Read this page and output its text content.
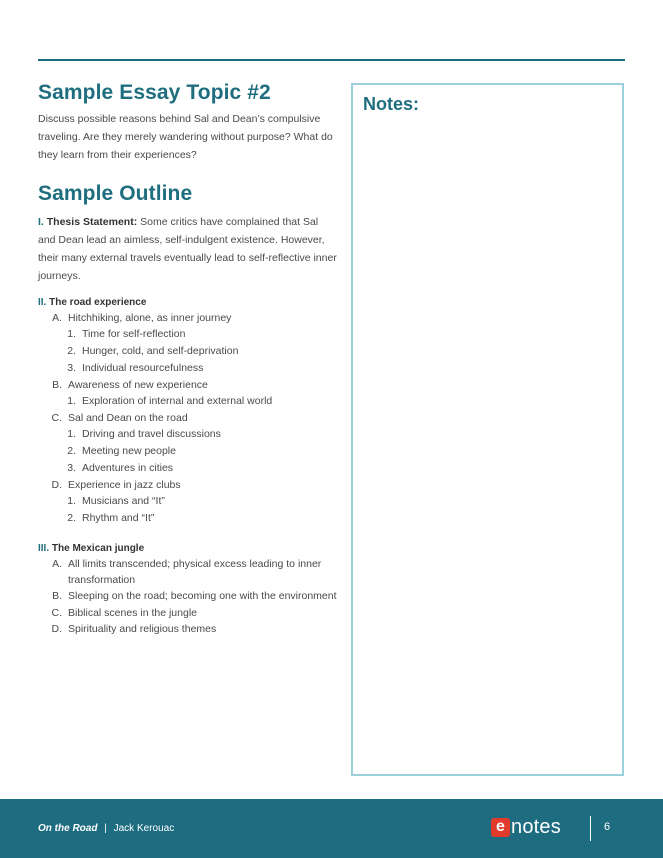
Sample Essay Topic #2

Discuss possible reasons behind Sal and Dean’s compulsive traveling. Are they merely wandering without purpose? What do they learn from their experiences?

Sample Outline

I. Thesis Statement: Some critics have complained that Sal and Dean lead an aimless, self-indulgent existence. However, their many external travels eventually lead to self-reflective inner journeys.

II. The road experience
A. Hitchhiking, alone, as inner journey
1. Time for self-reflection
2. Hunger, cold, and self-deprivation
3. Individual resourcefulness
B. Awareness of new experience
1. Exploration of internal and external world
C. Sal and Dean on the road
1. Driving and travel discussions
2. Meeting new people
3. Adventures in cities
D. Experience in jazz clubs
1. Musicians and “It”
2. Rhythm and “It”
III. The Mexican jungle
A. All limits transcended; physical excess leading to inner transformation
B. Sleeping on the road; becoming one with the environment
C. Biblical scenes in the jungle
D. Spirituality and religious themes
Notes:
On the Road | Jack Kerouac	e notes	6
